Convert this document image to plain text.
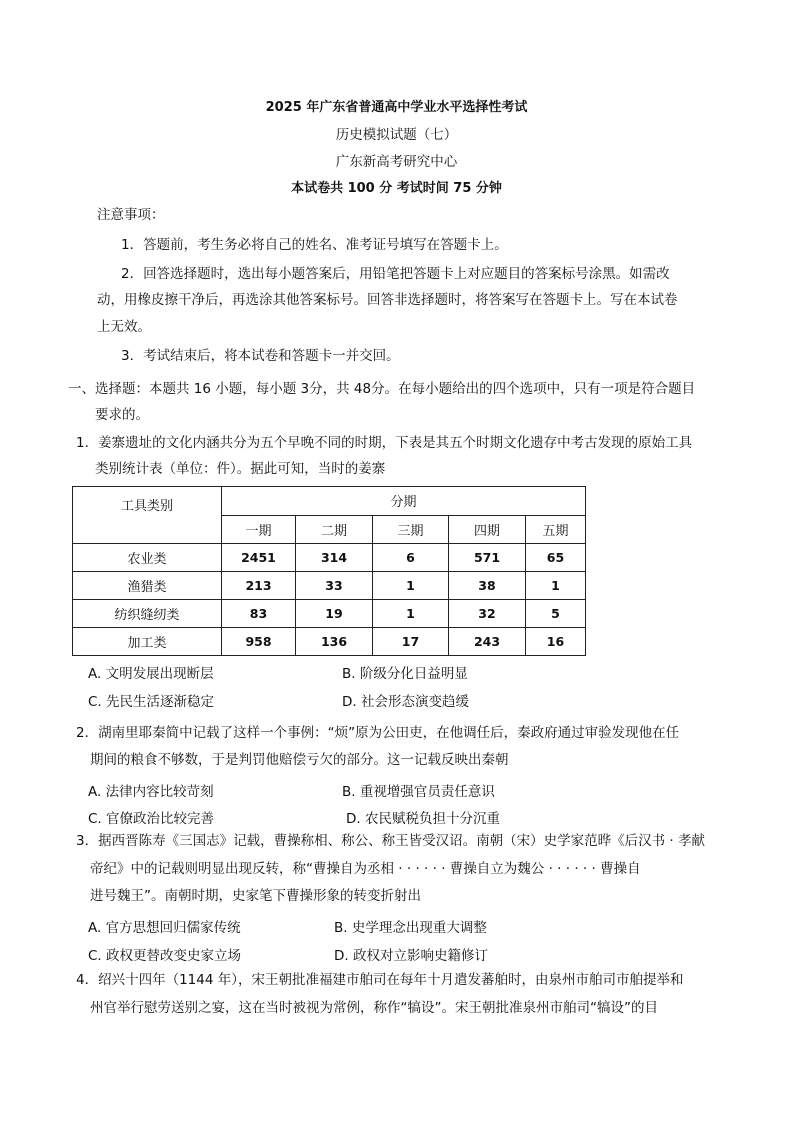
2025 年广东省普通高中学业水平选择性考试
历史模拟试题（七）
广东新高考研究中心
本试卷共 100 分 考试时间 75 分钟
注意事项：
1．答题前，考生务必将自己的姓名、准考证号填写在答题卡上。
2．回答选择题时，选出每小题答案后，用铅笔把答题卡上对应题目的答案标号涂黑。如需改
动，用橡皮擦干净后，再选涂其他答案标号。回答非选择题时，将答案写在答题卡上。写在本试卷
上无效。
3．考试结束后，将本试卷和答题卡一并交回。
一、选择题：本题共 16 小题，每小题 3分，共 48分。在每小题给出的四个选项中，只有一项是符合题目
要求的。
1．姜寨遗址的文化内涵共分为五个早晚不同的时期，下表是其五个时期文化遗存中考古发现的原始工具
类别统计表（单位：件）。据此可知，当时的姜寨
工具类别	分期				
	一期	二期	三期	四期	五期
农业类	2451	314	6	571	65
渔猎类	213	33	1	38	1
纺织缝纫类	83	19	1	32	5
加工类	958	136	17	243	16
A. 文明发展出现断层	B. 阶级分化日益明显
C. 先民生活逐渐稳定	D. 社会形态演变趋缓
2．湖南里耶秦简中记载了这样一个事例：“烦”原为公田吏，在他调任后，秦政府通过审验发现他在任
期间的粮食不够数，于是判罚他赔偿亏欠的部分。这一记载反映出秦朝
A. 法律内容比较苛刻	B. 重视增强官员责任意识
C. 官僚政治比较完善	D. 农民赋税负担十分沉重
3．据西晋陈寿《三国志》记载，曹操称相、称公、称王皆受汉诏。南朝（宋）史学家范晔《后汉书 · 孝献
帝纪》中的记载则明显出现反转，称“曹操自为丞相 · · · · · · 曹操自立为魏公 · · · · · · 曹操自
进号魏王”。南朝时期，史家笔下曹操形象的转变折射出
A. 官方思想回归儒家传统	B. 史学理念出现重大调整
C. 政权更替改变史家立场	D. 政权对立影响史籍修订
4．绍兴十四年（1144 年），宋王朝批准福建市舶司在每年十月遣发蕃舶时，由泉州市舶司市舶提举和
州官举行慰劳送别之宴，这在当时被视为常例，称作“犒设”。宋王朝批准泉州市舶司“犒设”的目
